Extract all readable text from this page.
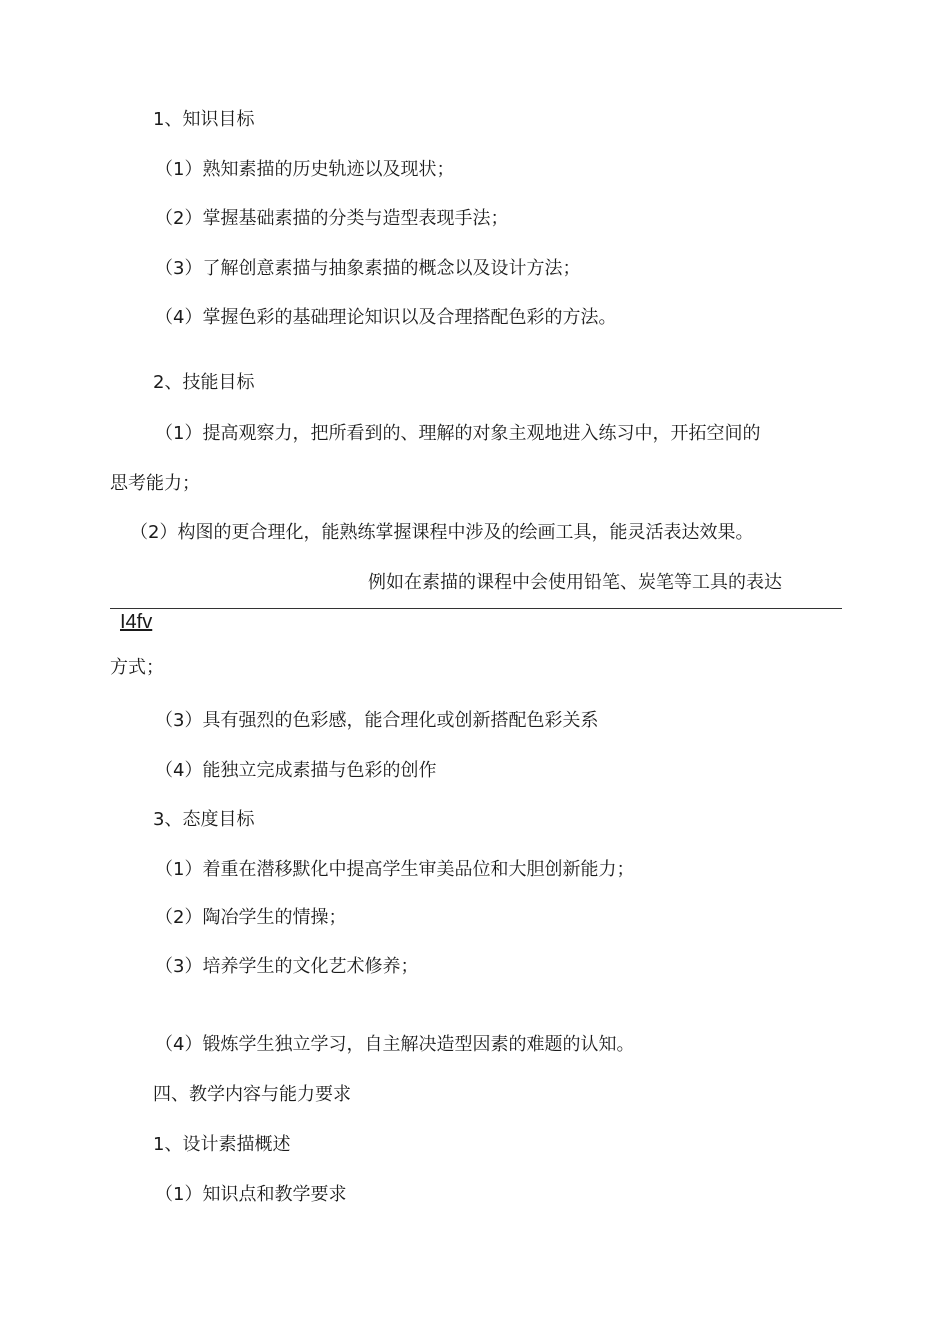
1、知识目标

（1）熟知素描的历史轨迹以及现状；

（2）掌握基础素描的分类与造型表现手法；

（3）了解创意素描与抽象素描的概念以及设计方法；

（4）掌握色彩的基础理论知识以及合理搭配色彩的方法。

2、技能目标

（1）提高观察力，把所看到的、理解的对象主观地进入练习中，开拓空间的

思考能力；

（2）构图的更合理化，能熟练掌握课程中涉及的绘画工具，能灵活表达效果。

例如在素描的课程中会使用铅笔、炭笔等工具的表达

I4fv

方式；

（3）具有强烈的色彩感，能合理化或创新搭配色彩关系

（4）能独立完成素描与色彩的创作

3、态度目标

（1）着重在潜移默化中提高学生审美品位和大胆创新能力；

（2）陶冶学生的情操；

（3）培养学生的文化艺术修养；

（4）锻炼学生独立学习，自主解决造型因素的难题的认知。

四、教学内容与能力要求

1、设计素描概述

（1）知识点和教学要求
